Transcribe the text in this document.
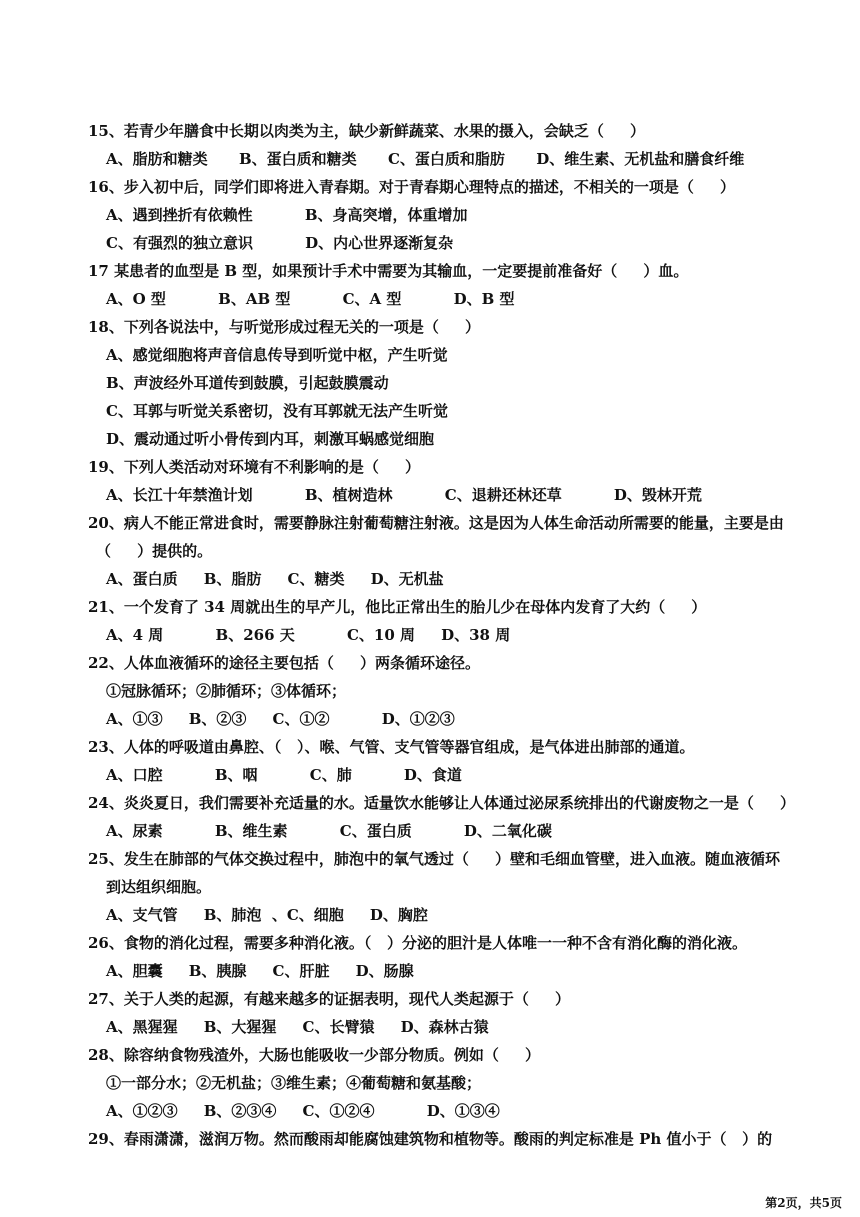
15、若青少年膳食中长期以肉类为主，缺少新鲜蔬菜、水果的摄入，会缺乏（     ）
A、脂肪和糖类      B、蛋白质和糖类      C、蛋白质和脂肪      D、维生素、无机盐和膳食纤维
16、步入初中后，同学们即将进入青春期。对于青春期心理特点的描述，不相关的一项是（     ）
A、遇到挫折有依赖性          B、身高突增，体重增加
C、有强烈的独立意识          D、内心世界逐渐复杂
17 某患者的血型是 B 型，如果预计手术中需要为其输血，一定要提前准备好（     ）血。
A、O 型          B、AB 型          C、A 型          D、B 型
18、下列各说法中，与听觉形成过程无关的一项是（     ）
A、感觉细胞将声音信息传导到听觉中枢，产生听觉
B、声波经外耳道传到鼓膜，引起鼓膜震动
C、耳郭与听觉关系密切，没有耳郭就无法产生听觉
D、震动通过听小骨传到内耳，刺激耳蜗感觉细胞
19、下列人类活动对环境有不利影响的是（     ）
A、长江十年禁渔计划          B、植树造林          C、退耕还林还草          D、毁林开荒
20、病人不能正常进食时，需要静脉注射葡萄糖注射液。这是因为人体生命活动所需要的能量，主要是由
（     ）提供的。
A、蛋白质     B、脂肪     C、糖类     D、无机盐
21、一个发育了 34 周就出生的早产儿，他比正常出生的胎儿少在母体内发育了大约（     ）
A、4 周          B、266 天          C、10 周     D、38 周
22、人体血液循环的途径主要包括（     ）两条循环途径。
①冠脉循环；②肺循环；③体循环；
A、①③     B、②③     C、①②          D、①②③
23、人体的呼吸道由鼻腔、（   ）、喉、气管、支气管等器官组成，是气体进出肺部的通道。
A、口腔          B、咽          C、肺          D、食道
24、炎炎夏日，我们需要补充适量的水。适量饮水能够让人体通过泌尿系统排出的代谢废物之一是（     ）
A、尿素          B、维生素          C、蛋白质          D、二氧化碳
25、发生在肺部的气体交换过程中，肺泡中的氧气透过（     ）壁和毛细血管壁，进入血液。随血液循环
到达组织细胞。
A、支气管     B、肺泡  、C、细胞     D、胸腔
26、食物的消化过程，需要多种消化液。（   ）分泌的胆汁是人体唯一一种不含有消化酶的消化液。
A、胆囊     B、胰腺     C、肝脏     D、肠腺
27、关于人类的起源，有越来越多的证据表明，现代人类起源于（     ）
A、黑猩猩     B、大猩猩     C、长臂猿     D、森林古猿
28、除容纳食物残渣外，大肠也能吸收一少部分物质。例如（     ）
①一部分水；②无机盐；③维生素；④葡萄糖和氨基酸；
A、①②③     B、②③④     C、①②④          D、①③④
29、春雨潇潇，滋润万物。然而酸雨却能腐蚀建筑物和植物等。酸雨的判定标准是 Ph 值小于（   ）的
第2页，共5页
